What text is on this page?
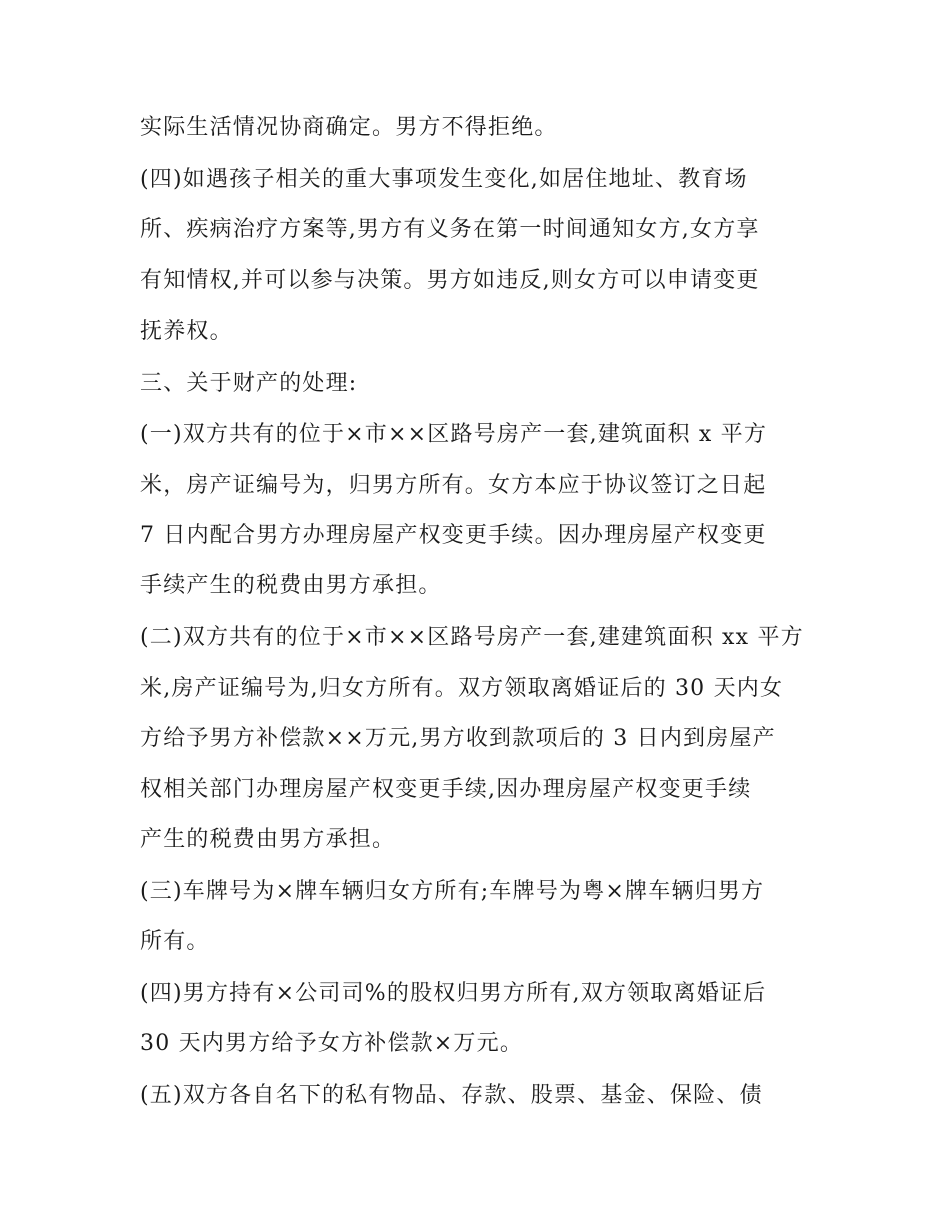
实际生活情况协商确定。男方不得拒绝。

(四)如遇孩子相关的重大事项发生变化,如居住地址、教育场

所、疾病治疗方案等,男方有义务在第一时间通知女方,女方享

有知情权,并可以参与决策。男方如违反,则女方可以申请变更

抚养权。

三、关于财产的处理:

(一)双方共有的位于×市××区路号房产一套,建筑面积 x 平方

米，房产证编号为，归男方所有。女方本应于协议签订之日起

7 日内配合男方办理房屋产权变更手续。因办理房屋产权变更

手续产生的税费由男方承担。

(二)双方共有的位于×市××区路号房产一套,建建筑面积 xx 平方

米,房产证编号为,归女方所有。双方领取离婚证后的 30 天内女

方给予男方补偿款××万元,男方收到款项后的 3 日内到房屋产

权相关部门办理房屋产权变更手续,因办理房屋产权变更手续

产生的税费由男方承担。

(三)车牌号为×牌车辆归女方所有;车牌号为粤×牌车辆归男方

所有。

(四)男方持有×公司司%的股权归男方所有,双方领取离婚证后

30 天内男方给予女方补偿款×万元。

(五)双方各自名下的私有物品、存款、股票、基金、保险、债
